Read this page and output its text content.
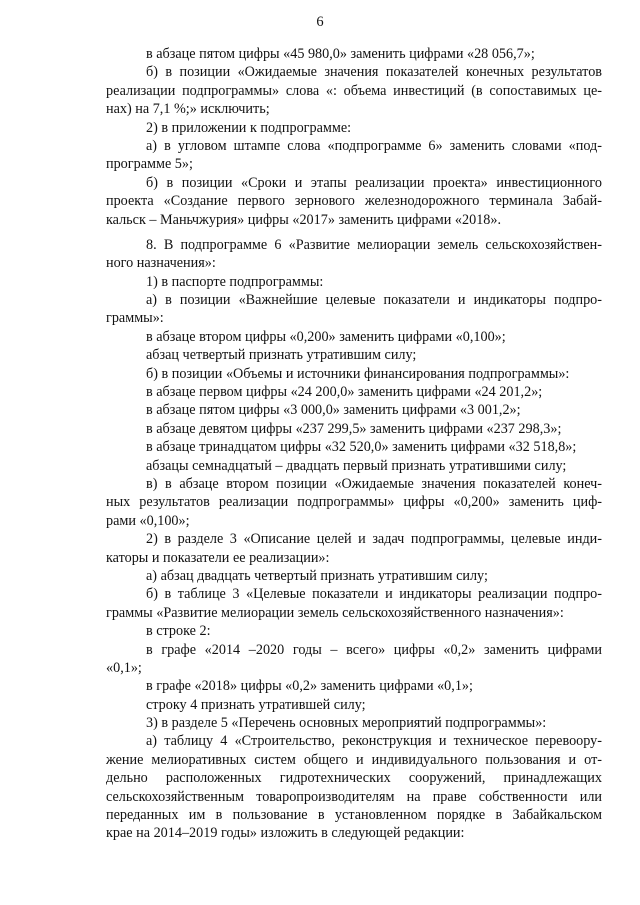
6
в абзаце пятом цифры «45 980,0» заменить цифрами «28 056,7»;
б) в позиции «Ожидаемые значения показателей конечных результатов
реализации подпрограммы» слова «: объема инвестиций (в сопоставимых це-
нах) на 7,1 %;» исключить;
2) в приложении к подпрограмме:
а) в угловом штампе слова «подпрограмме 6» заменить словами «под-
программе 5»;
б) в позиции «Сроки и этапы реализации проекта» инвестиционного
проекта «Создание первого зернового железнодорожного терминала Забай-
кальск – Маньчжурия» цифры «2017» заменить цифрами «2018».
8. В подпрограмме 6 «Развитие мелиорации земель сельскохозяйствен-
ного назначения»:
1) в паспорте подпрограммы:
а) в позиции «Важнейшие целевые показатели и индикаторы подпро-
граммы»:
в абзаце втором цифры «0,200» заменить цифрами «0,100»;
абзац четвертый признать утратившим силу;
б) в позиции «Объемы и источники финансирования подпрограммы»:
в абзаце первом цифры «24 200,0» заменить цифрами «24 201,2»;
в абзаце пятом цифры «3 000,0» заменить цифрами «3 001,2»;
в абзаце девятом цифры «237 299,5» заменить цифрами «237 298,3»;
в абзаце тринадцатом цифры «32 520,0» заменить цифрами «32 518,8»;
абзацы семнадцатый – двадцать первый признать утратившими силу;
в) в абзаце втором позиции «Ожидаемые значения показателей конеч-
ных результатов реализации подпрограммы» цифры «0,200» заменить циф-
рами «0,100»;
2) в разделе 3 «Описание целей и задач подпрограммы, целевые инди-
каторы и показатели ее реализации»:
а) абзац двадцать четвертый признать утратившим силу;
б) в таблице 3 «Целевые показатели и индикаторы реализации подпро-
граммы «Развитие мелиорации земель сельскохозяйственного назначения»:
в строке 2:
в графе «2014 –2020 годы – всего» цифры «0,2» заменить цифрами
«0,1»;
в графе «2018» цифры «0,2» заменить цифрами «0,1»;
строку 4 признать утратившей силу;
3) в разделе 5 «Перечень основных мероприятий подпрограммы»:
а) таблицу 4 «Строительство, реконструкция и техническое перевоору-
жение мелиоративных систем общего и индивидуального пользования и от-
дельно расположенных гидротехнических сооружений, принадлежащих
сельскохозяйственным товаропроизводителям на праве собственности или
переданных им в пользование в установленном порядке в Забайкальском
крае на 2014–2019 годы» изложить в следующей редакции:
